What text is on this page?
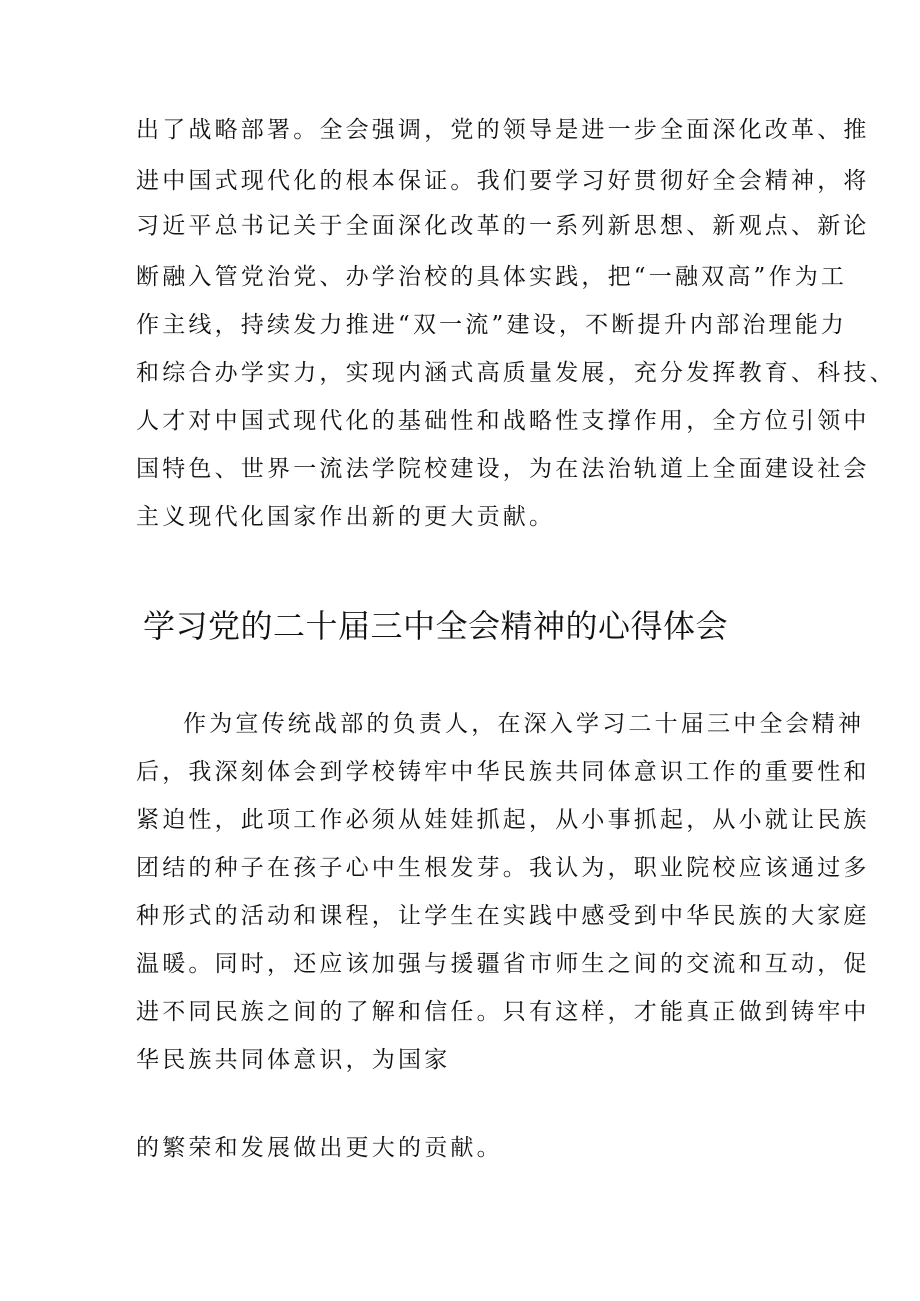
出了战略部署。全会强调，党的领导是进一步全面深化改革、推
进中国式现代化的根本保证。我们要学习好贯彻好全会精神，将
习近平总书记关于全面深化改革的一系列新思想、新观点、新论
断融入管党治党、办学治校的具体实践，把“一融双高”作为工
作主线，持续发力推进“双一流”建设，不断提升内部治理能力
和综合办学实力，实现内涵式高质量发展，充分发挥教育、科技、
人才对中国式现代化的基础性和战略性支撑作用，全方位引领中
国特色、世界一流法学院校建设，为在法治轨道上全面建设社会
主义现代化国家作出新的更大贡献。
学习党的二十届三中全会精神的心得体会
作为宣传统战部的负责人，在深入学习二十届三中全会精神
后，我深刻体会到学校铸牢中华民族共同体意识工作的重要性和
紧迫性，此项工作必须从娃娃抓起，从小事抓起，从小就让民族
团结的种子在孩子心中生根发芽。我认为，职业院校应该通过多
种形式的活动和课程，让学生在实践中感受到中华民族的大家庭
温暖。同时，还应该加强与援疆省市师生之间的交流和互动，促
进不同民族之间的了解和信任。只有这样，才能真正做到铸牢中
华民族共同体意识，为国家
的繁荣和发展做出更大的贡献。
